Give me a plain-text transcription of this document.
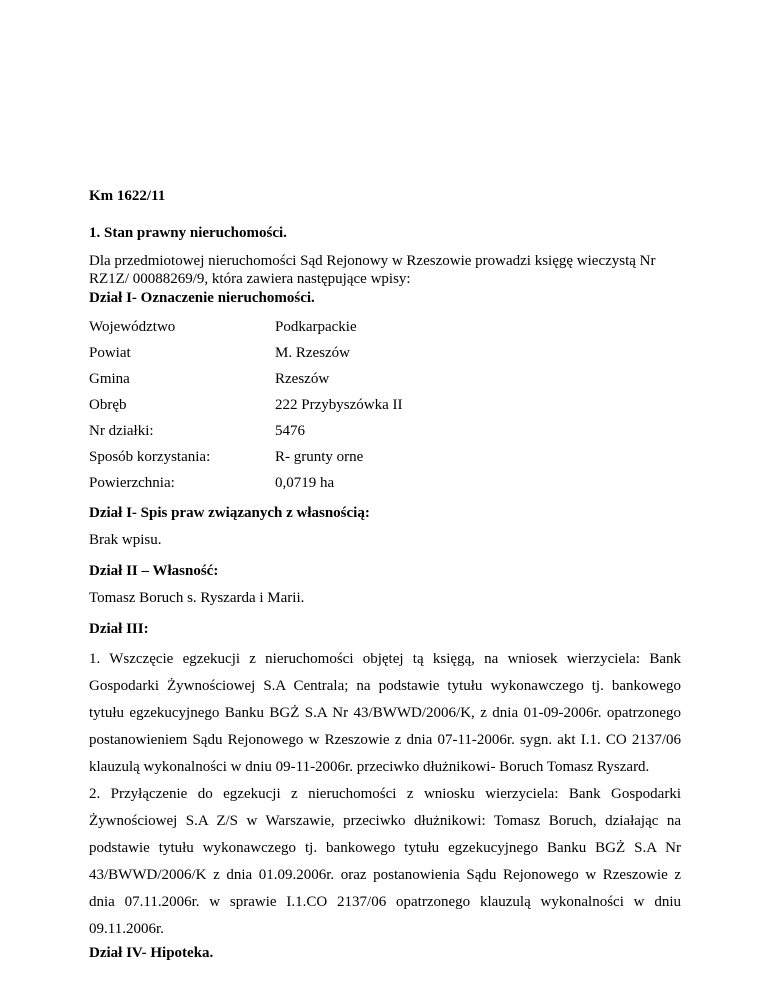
Km 1622/11
1. Stan prawny nieruchomości.
Dla przedmiotowej nieruchomości Sąd Rejonowy w Rzeszowie prowadzi księgę wieczystą Nr
RZ1Z/ 00088269/9, która zawiera następujące wpisy:
Dział I- Oznaczenie nieruchomości.
Województwo	Podkarpackie
Powiat	M. Rzeszów
Gmina	Rzeszów
Obręb	222 Przybyszówka II
Nr działki:	5476
Sposób korzystania:	R- grunty orne
Powierzchnia:	0,0719 ha
Dział I- Spis praw związanych z własnością:
Brak wpisu.
Dział II – Własność:
Tomasz Boruch s. Ryszarda i Marii.
Dział III:

1. Wszczęcie egzekucji z nieruchomości objętej tą księgą, na wniosek wierzyciela: Bank Gospodarki Żywnościowej S.A Centrala; na podstawie tytułu wykonawczego tj. bankowego tytułu egzekucyjnego Banku BGŻ S.A Nr 43/BWWD/2006/K, z dnia 01-09-2006r. opatrzonego postanowieniem Sądu Rejonowego w Rzeszowie z dnia 07-11-2006r. sygn. akt I.1. CO 2137/06 klauzulą wykonalności w dniu 09-11-2006r. przeciwko dłużnikowi- Boruch Tomasz Ryszard.

2. Przyłączenie do egzekucji z nieruchomości z wniosku wierzyciela: Bank Gospodarki Żywnościowej S.A Z/S w Warszawie, przeciwko dłużnikowi: Tomasz Boruch, działając na podstawie tytułu wykonawczego tj. bankowego tytułu egzekucyjnego Banku BGŻ S.A Nr 43/BWWD/2006/K z dnia 01.09.2006r. oraz postanowienia Sądu Rejonowego w Rzeszowie z dnia 07.11.2006r. w sprawie I.1.CO 2137/06 opatrzonego klauzulą wykonalności w dniu 09.11.2006r.

Dział IV- Hipoteka.
